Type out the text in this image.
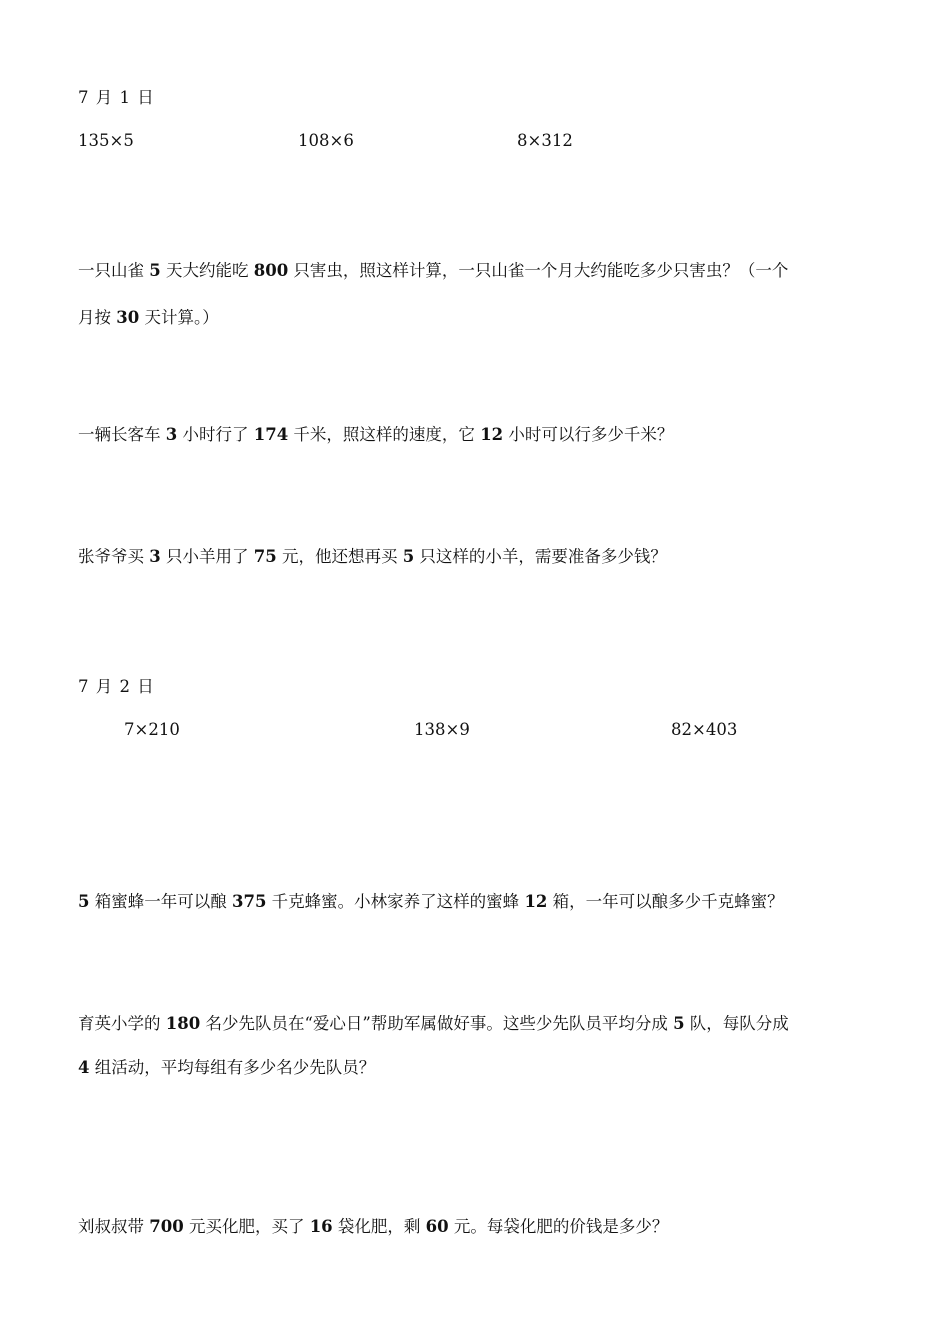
7 月 1 日
135×5	108×6	8×312
一只山雀 5 天大约能吃 800 只害虫，照这样计算，一只山雀一个月大约能吃多少只害虫？（一个
月按 30 天计算。）
一辆长客车 3 小时行了 174 千米，照这样的速度，它 12 小时可以行多少千米？
张爷爷买 3 只小羊用了 75 元，他还想再买 5 只这样的小羊，需要准备多少钱？
7 月 2 日
7×210	138×9	82×403
5 箱蜜蜂一年可以酿 375 千克蜂蜜。小林家养了这样的蜜蜂 12 箱，一年可以酿多少千克蜂蜜？
育英小学的 180 名少先队员在“爱心日”帮助军属做好事。这些少先队员平均分成 5 队，每队分成
4 组活动，平均每组有多少名少先队员？
刘叔叔带 700 元买化肥，买了 16 袋化肥，剩 60 元。每袋化肥的价钱是多少？
